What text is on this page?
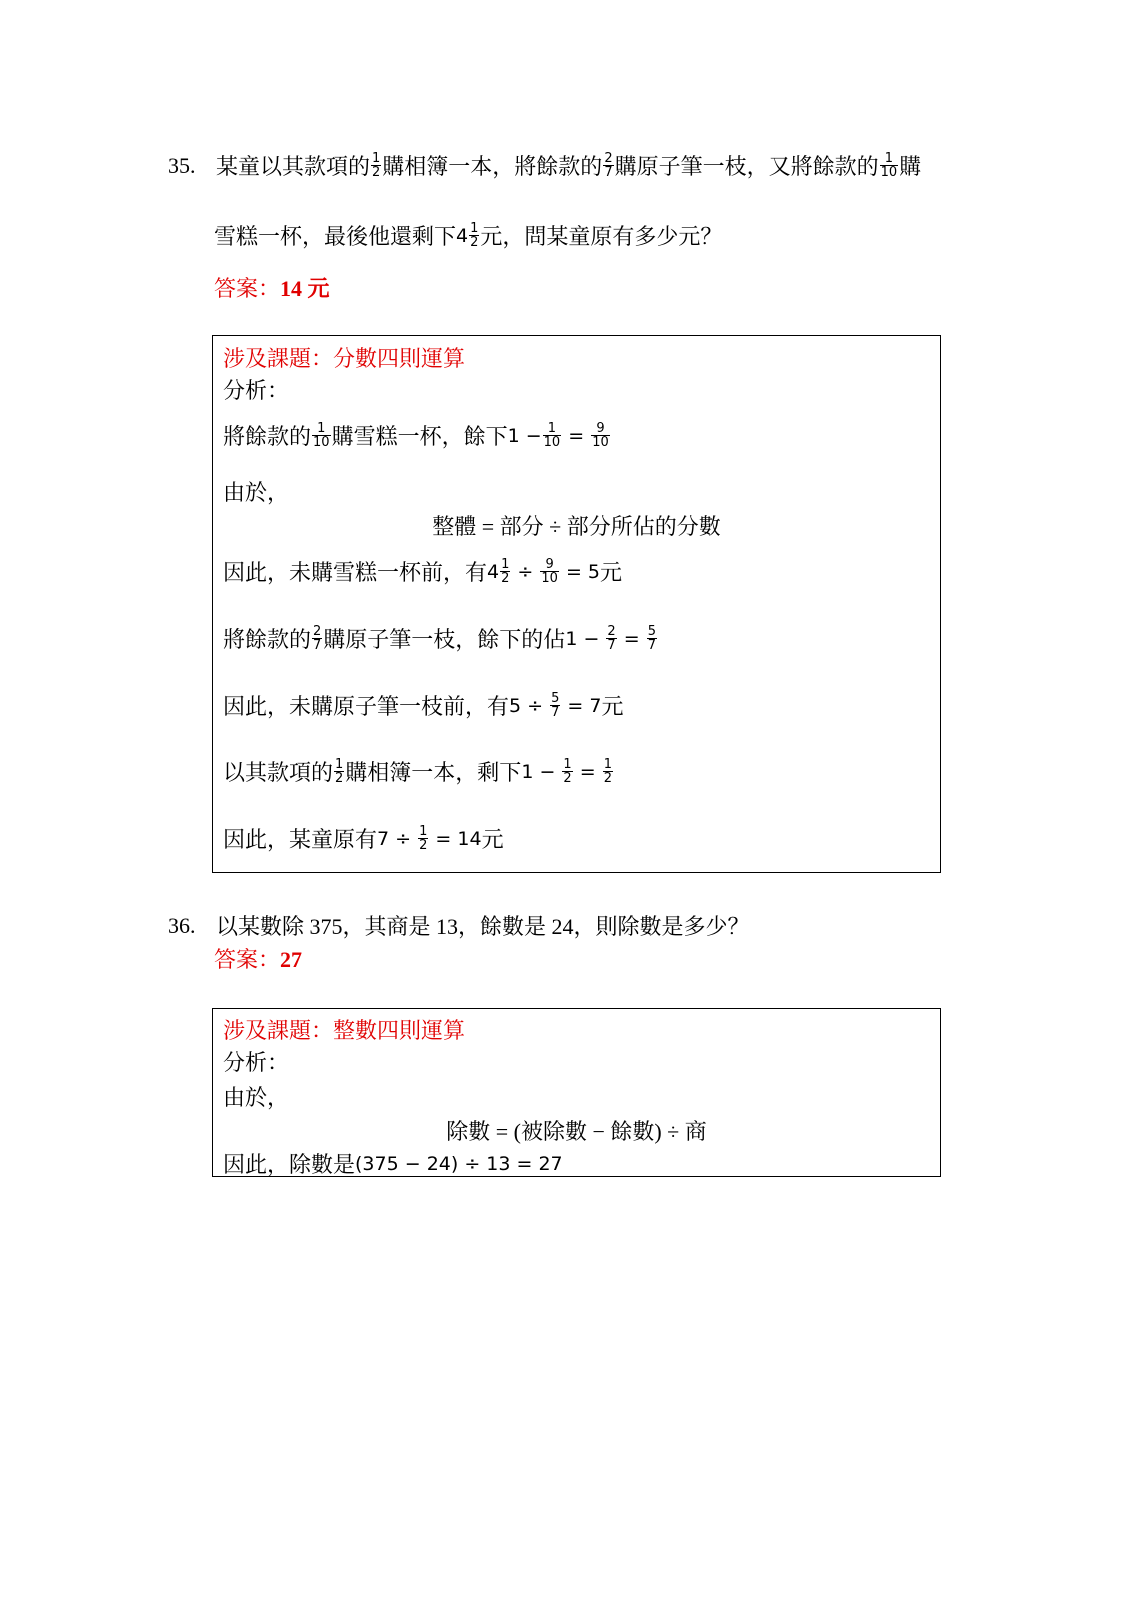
35. 某童以其款項的 $\frac{1}{2}$ 購相簿一本，將餘款的 $\frac{2}{7}$ 購原子筆一枝，又將餘款的 $\frac{1}{10}$ 購
雪糕一杯，最後他還剩下 $4 \frac{1}{2}$ 元，問某童原有多少元？
答案：14 元
涉及課題：分數四則運算
分析：
將餘款的 $\frac{1}{10}$ 購雪糕一杯，餘下 $1 - \frac{1}{10} = \frac{9}{10}$
由於，
整體 = 部分 ÷ 部分所佔的分數
因此，未購雪糕一杯前，有 $4 \frac{1}{2} \div \frac{9}{10} = 5$ 元
將餘款的 $\frac{2}{7}$ 購原子筆一枝，餘下的佔 $1 - \frac{2}{7} = \frac{5}{7}$
因此，未購原子筆一枝前，有 $5 \div \frac{5}{7} = 7$ 元
以其款項的 $\frac{1}{2}$ 購相簿一本，剩下 $1 - \frac{1}{2} = \frac{1}{2}$
因此，某童原有 $7 \div \frac{1}{2} = 14$ 元
36. 以某數除 375，其商是 13，餘數是 24，則除數是多少？
答案：27
涉及課題：整數四則運算
分析：
由於，
除數 = (被除數 − 餘數) ÷ 商
因此，除數是 (375 − 24) ÷ 13 = 27
